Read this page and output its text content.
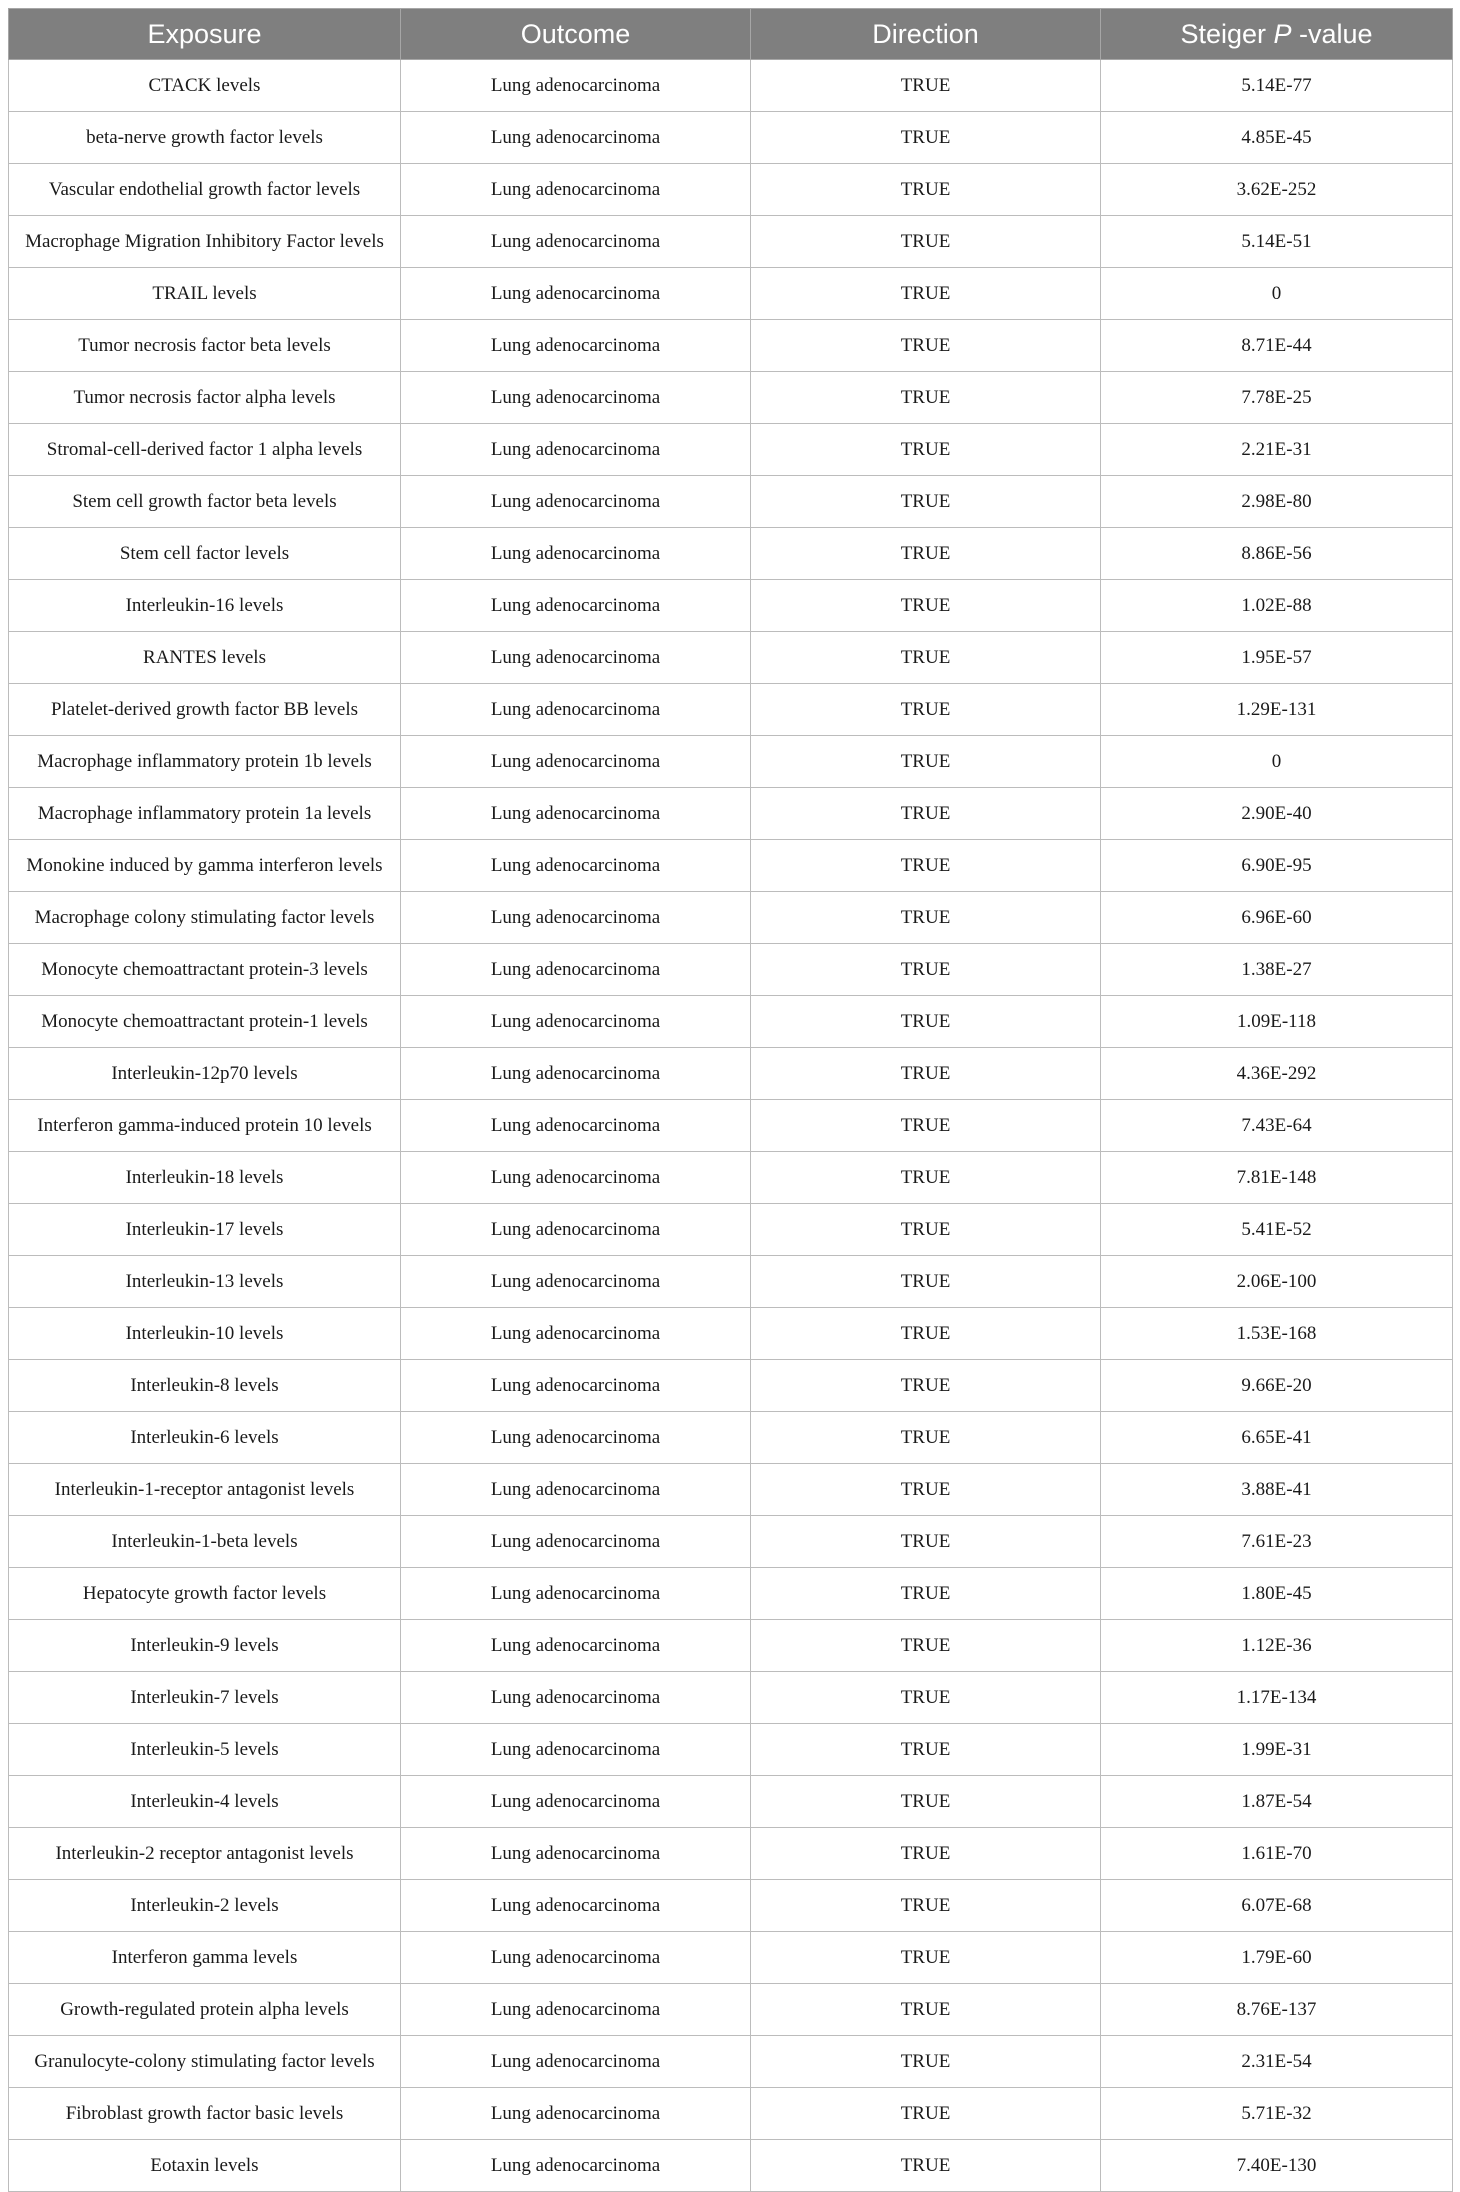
Exposure	Outcome	Direction	Steiger P -value
CTACK levels	Lung adenocarcinoma	TRUE	5.14E-77
beta-nerve growth factor levels	Lung adenocarcinoma	TRUE	4.85E-45
Vascular endothelial growth factor levels	Lung adenocarcinoma	TRUE	3.62E-252
Macrophage Migration Inhibitory Factor levels	Lung adenocarcinoma	TRUE	5.14E-51
TRAIL levels	Lung adenocarcinoma	TRUE	0
Tumor necrosis factor beta levels	Lung adenocarcinoma	TRUE	8.71E-44
Tumor necrosis factor alpha levels	Lung adenocarcinoma	TRUE	7.78E-25
Stromal-cell-derived factor 1 alpha levels	Lung adenocarcinoma	TRUE	2.21E-31
Stem cell growth factor beta levels	Lung adenocarcinoma	TRUE	2.98E-80
Stem cell factor levels	Lung adenocarcinoma	TRUE	8.86E-56
Interleukin-16 levels	Lung adenocarcinoma	TRUE	1.02E-88
RANTES levels	Lung adenocarcinoma	TRUE	1.95E-57
Platelet-derived growth factor BB levels	Lung adenocarcinoma	TRUE	1.29E-131
Macrophage inflammatory protein 1b levels	Lung adenocarcinoma	TRUE	0
Macrophage inflammatory protein 1a levels	Lung adenocarcinoma	TRUE	2.90E-40
Monokine induced by gamma interferon levels	Lung adenocarcinoma	TRUE	6.90E-95
Macrophage colony stimulating factor levels	Lung adenocarcinoma	TRUE	6.96E-60
Monocyte chemoattractant protein-3 levels	Lung adenocarcinoma	TRUE	1.38E-27
Monocyte chemoattractant protein-1 levels	Lung adenocarcinoma	TRUE	1.09E-118
Interleukin-12p70 levels	Lung adenocarcinoma	TRUE	4.36E-292
Interferon gamma-induced protein 10 levels	Lung adenocarcinoma	TRUE	7.43E-64
Interleukin-18 levels	Lung adenocarcinoma	TRUE	7.81E-148
Interleukin-17 levels	Lung adenocarcinoma	TRUE	5.41E-52
Interleukin-13 levels	Lung adenocarcinoma	TRUE	2.06E-100
Interleukin-10 levels	Lung adenocarcinoma	TRUE	1.53E-168
Interleukin-8 levels	Lung adenocarcinoma	TRUE	9.66E-20
Interleukin-6 levels	Lung adenocarcinoma	TRUE	6.65E-41
Interleukin-1-receptor antagonist levels	Lung adenocarcinoma	TRUE	3.88E-41
Interleukin-1-beta levels	Lung adenocarcinoma	TRUE	7.61E-23
Hepatocyte growth factor levels	Lung adenocarcinoma	TRUE	1.80E-45
Interleukin-9 levels	Lung adenocarcinoma	TRUE	1.12E-36
Interleukin-7 levels	Lung adenocarcinoma	TRUE	1.17E-134
Interleukin-5 levels	Lung adenocarcinoma	TRUE	1.99E-31
Interleukin-4 levels	Lung adenocarcinoma	TRUE	1.87E-54
Interleukin-2 receptor antagonist levels	Lung adenocarcinoma	TRUE	1.61E-70
Interleukin-2 levels	Lung adenocarcinoma	TRUE	6.07E-68
Interferon gamma levels	Lung adenocarcinoma	TRUE	1.79E-60
Growth-regulated protein alpha levels	Lung adenocarcinoma	TRUE	8.76E-137
Granulocyte-colony stimulating factor levels	Lung adenocarcinoma	TRUE	2.31E-54
Fibroblast growth factor basic levels	Lung adenocarcinoma	TRUE	5.71E-32
Eotaxin levels	Lung adenocarcinoma	TRUE	7.40E-130
